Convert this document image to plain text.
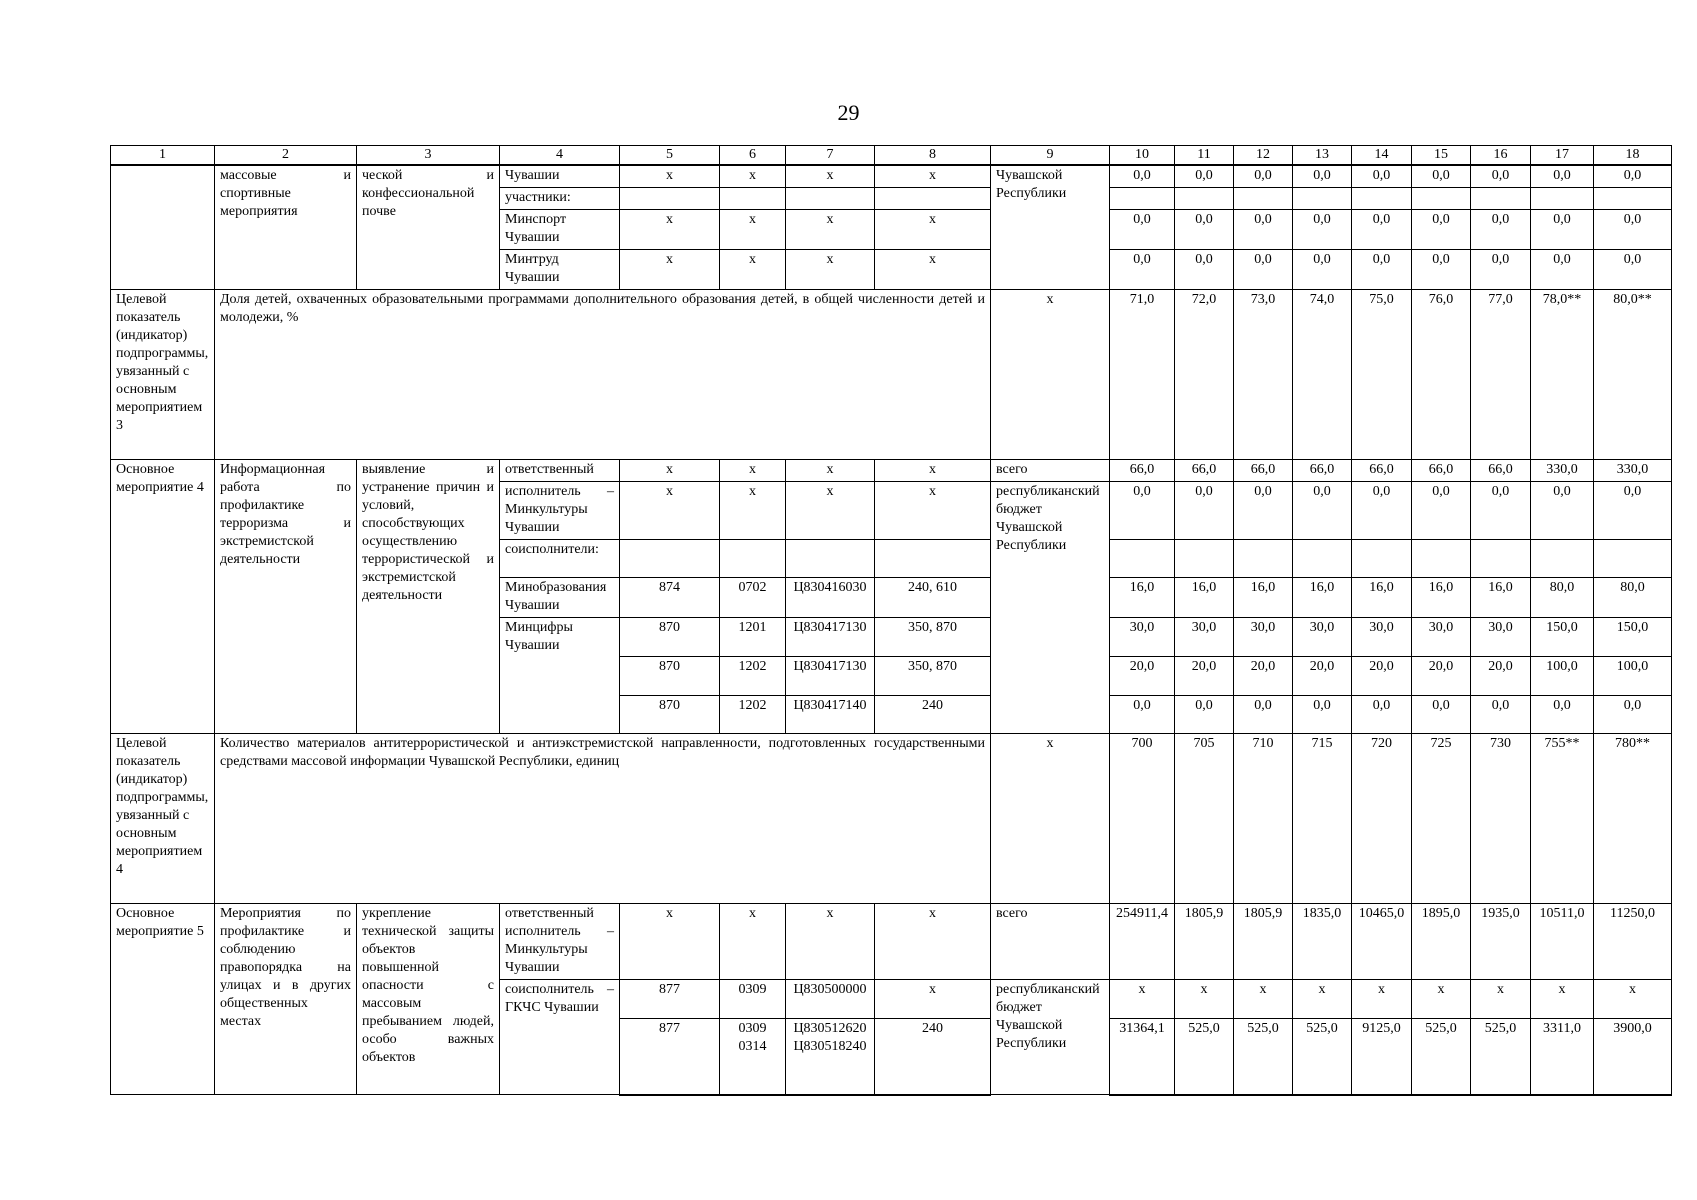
29
1	2	3	4	5	6	7	8	9	10	11	12	13	14	15	16	17	18
	массовые и спортивные мероприятия	ческой и конфессиональной почве	Чувашии	x	x	x	x	Чувашской Республики	0,0	0,0	0,0	0,0	0,0	0,0	0,0	0,0	0,0
			участники:														
			Минспорт Чувашии	x	x	x	x		0,0	0,0	0,0	0,0	0,0	0,0	0,0	0,0	0,0
			Минтруд Чувашии	x	x	x	x		0,0	0,0	0,0	0,0	0,0	0,0	0,0	0,0	0,0
Целевой показатель (индикатор) подпрограммы, увязанный с основным мероприятием 3	Доля детей, охваченных образовательными программами дополнительного образования детей, в общей численности детей и молодежи, %							x	71,0	72,0	73,0	74,0	75,0	76,0	77,0	78,0**	80,0**
Основное мероприятие 4	Информационная работа по профилактике терроризма и экстремистской деятельности	выявление и устранение причин и условий, способствующих осуществлению террористической и экстремистской деятельности	ответственный	x	x	x	x	всего	66,0	66,0	66,0	66,0	66,0	66,0	66,0	330,0	330,0
			исполнитель – Минкультуры Чувашии	x	x	x	x	республиканский бюджет Чувашской Республики	0,0	0,0	0,0	0,0	0,0	0,0	0,0	0,0	0,0
			соисполнители:														
			Минобразования Чувашии	874	0702	Ц830416030	240, 610		16,0	16,0	16,0	16,0	16,0	16,0	16,0	80,0	80,0
			Минцифры Чувашии	870	1201	Ц830417130	350, 870		30,0	30,0	30,0	30,0	30,0	30,0	30,0	150,0	150,0
				870	1202	Ц830417130	350, 870		20,0	20,0	20,0	20,0	20,0	20,0	20,0	100,0	100,0
				870	1202	Ц830417140	240		0,0	0,0	0,0	0,0	0,0	0,0	0,0	0,0	0,0
Целевой показатель (индикатор) подпрограммы, увязанный с основным мероприятием 4	Количество материалов антитеррористической и антиэкстремистской направленности, подготовленных государственными средствами массовой информации Чувашской Республики, единиц							x	700	705	710	715	720	725	730	755**	780**
Основное мероприятие 5	Мероприятия по профилактике и соблюдению правопорядка на улицах и в других общественных местах	укрепление технической защиты объектов повышенной опасности с массовым пребыванием людей, особо важных объектов	ответственный исполнитель – Минкультуры Чувашии	x	x	x	x	всего	254911,4	1805,9	1805,9	1835,0	10465,0	1895,0	1935,0	10511,0	11250,0
			соисполнитель – ГКЧС Чувашии	877	0309	Ц830500000	x	республиканский бюджет Чувашской Республики	x	x	x	x	x	x	x	x	x
				877	0309 0314	Ц830512620 Ц830518240	240		31364,1	525,0	525,0	525,0	9125,0	525,0	525,0	3311,0	3900,0
